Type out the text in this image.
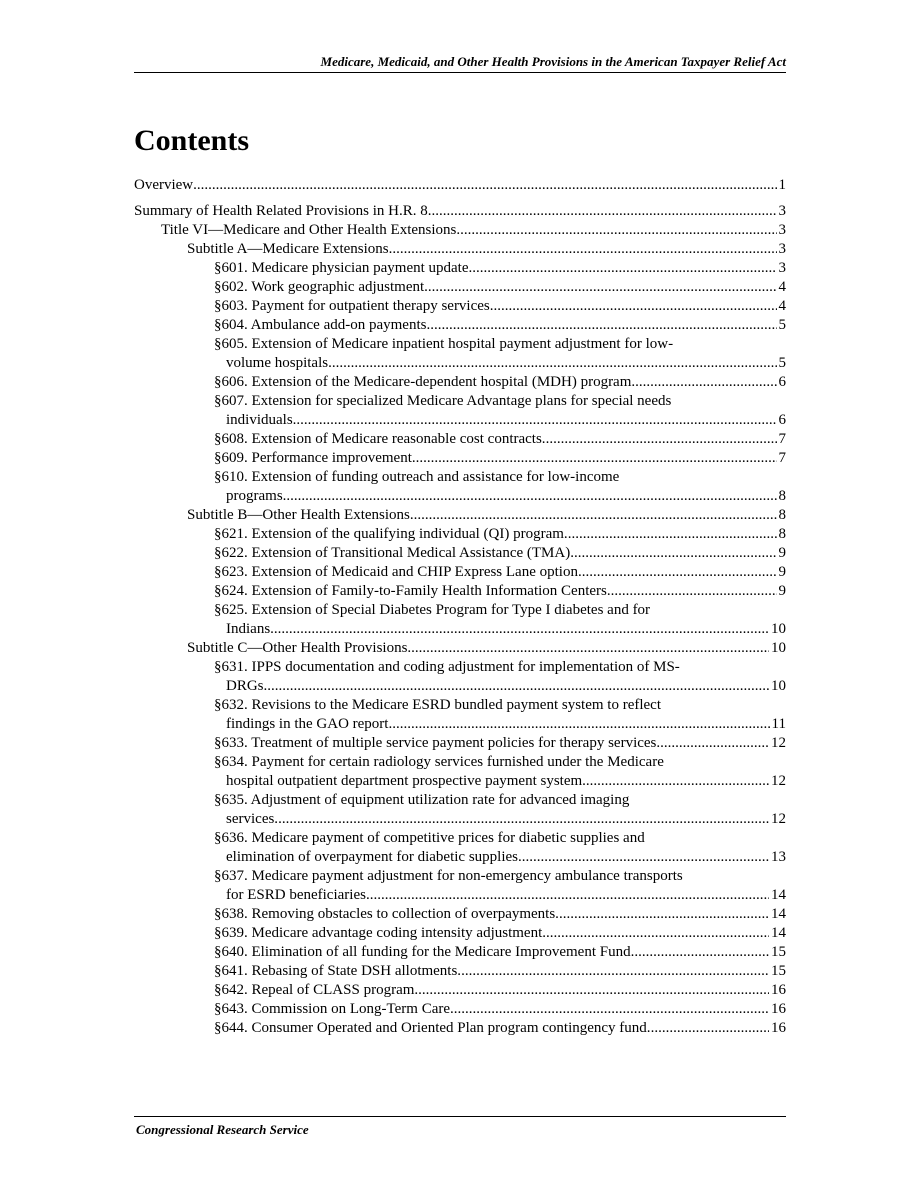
Medicare, Medicaid, and Other Health Provisions in the American Taxpayer Relief Act
Contents
Overview .....	1
Summary of Health Related Provisions in H.R. 8 .....	3
Title VI—Medicare and Other Health Extensions .....	3
Subtitle A—Medicare Extensions .....	3
§601. Medicare physician payment update. .....	3
§602. Work geographic adjustment. .....	4
§603. Payment for outpatient therapy services. .....	4
§604. Ambulance add-on payments. .....	5
§605. Extension of Medicare inpatient hospital payment adjustment for low-
volume hospitals. .....	5
§606. Extension of the Medicare-dependent hospital (MDH) program. .....	6
§607. Extension for specialized Medicare Advantage plans for special needs
individuals. .....	6
§608. Extension of Medicare reasonable cost contracts. .....	7
§609. Performance improvement. .....	7
§610. Extension of funding outreach and assistance for low-income
programs. .....	8
Subtitle B—Other Health Extensions .....	8
§621. Extension of the qualifying individual (QI) program. .....	8
§622. Extension of Transitional Medical Assistance (TMA). .....	9
§623. Extension of Medicaid and CHIP Express Lane option. .....	9
§624. Extension of Family-to-Family Health Information Centers. .....	9
§625. Extension of Special Diabetes Program for Type I diabetes and for
Indians. .....	10
Subtitle C—Other Health Provisions .....	10
§631. IPPS documentation and coding adjustment for implementation of MS-
DRGs. .....	10
§632. Revisions to the Medicare ESRD bundled payment system to reflect
findings in the GAO report. .....	11
§633. Treatment of multiple service payment policies for therapy services. .....	12
§634. Payment for certain radiology services furnished under the Medicare
hospital outpatient department prospective payment system. .....	12
§635. Adjustment of equipment utilization rate for advanced imaging
services. .....	12
§636. Medicare payment of competitive prices for diabetic supplies and
elimination of overpayment for diabetic supplies. .....	13
§637. Medicare payment adjustment for non-emergency ambulance transports
for ESRD beneficiaries. .....	14
§638. Removing obstacles to collection of overpayments. .....	14
§639. Medicare advantage coding intensity adjustment. .....	14
§640. Elimination of all funding for the Medicare Improvement Fund. .....	15
§641. Rebasing of State DSH allotments. .....	15
§642. Repeal of CLASS program. .....	16
§643. Commission on Long-Term Care. .....	16
§644. Consumer Operated and Oriented Plan program contingency fund. .....	16
Congressional Research Service
